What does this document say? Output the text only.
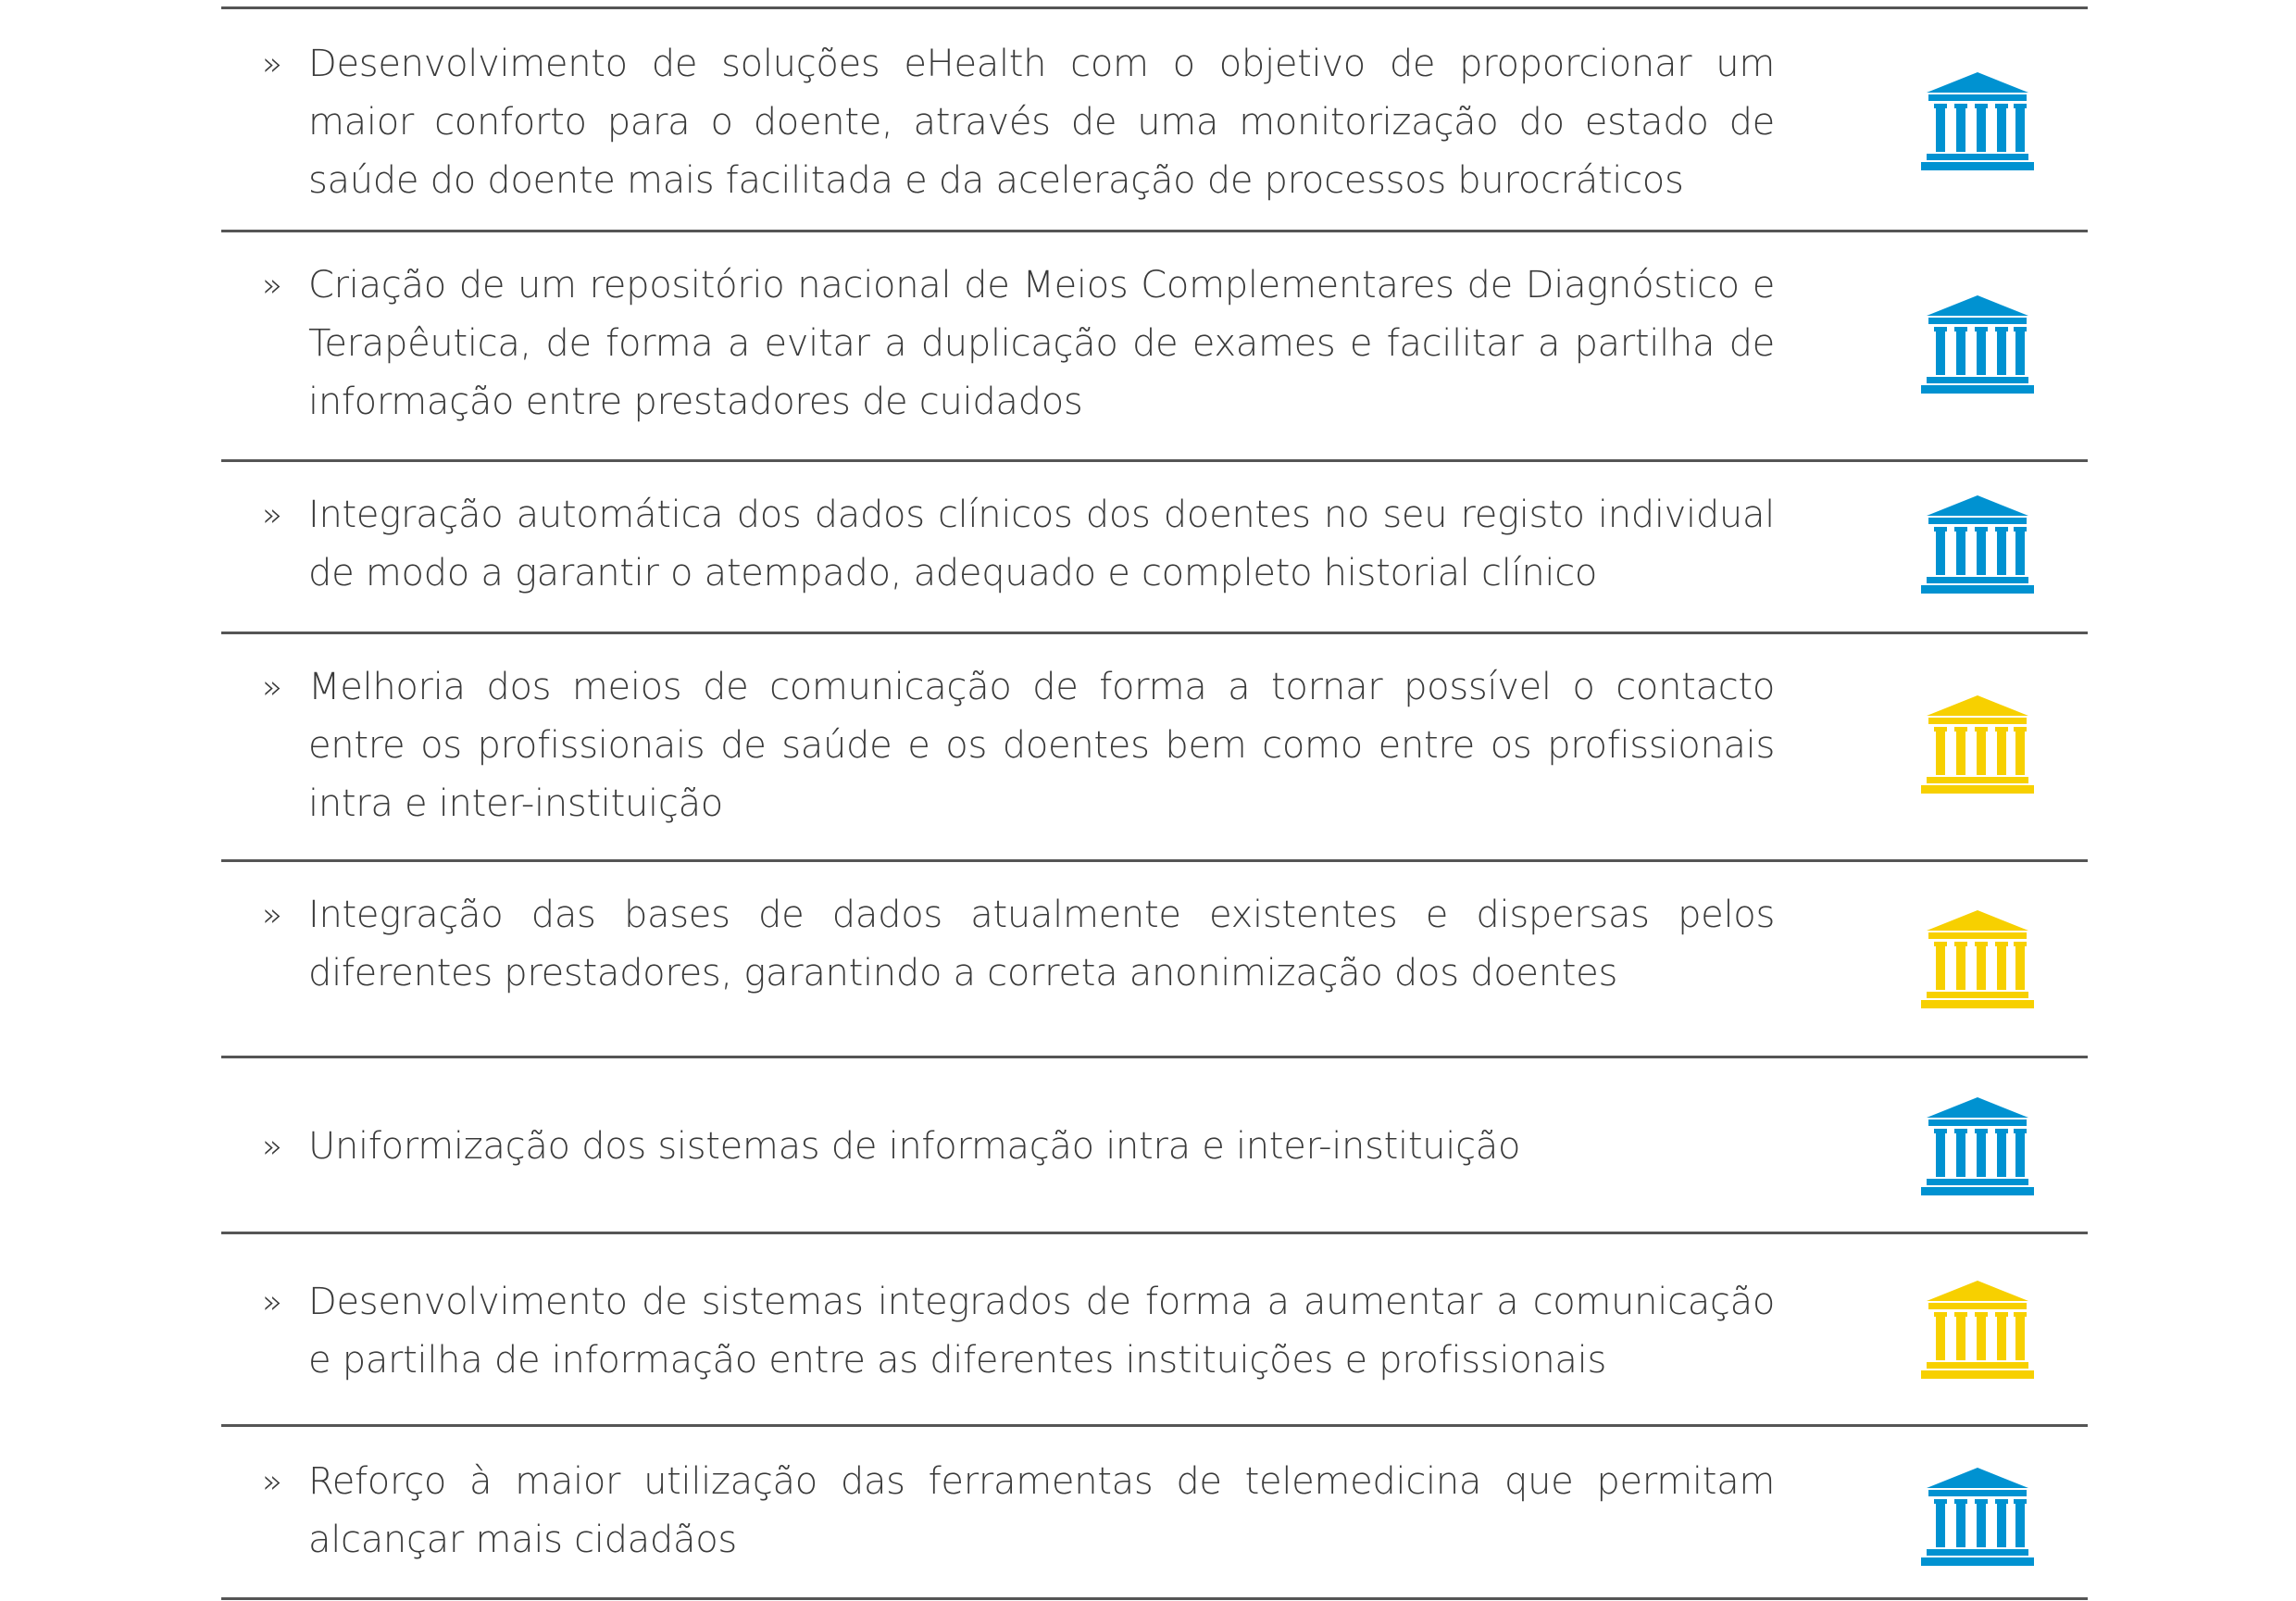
» Desenvolvimento de soluções eHealth com o objetivo de proporcionar um maior conforto para o doente, através de uma monitorização do estado de saúde do doente mais facilitada e da aceleração de processos burocráticos
» Criação de um repositório nacional de Meios Complementares de Diagnóstico e Terapêutica, de forma a evitar a duplicação de exames e facilitar a partilha de informação entre prestadores de cuidados
» Integração automática dos dados clínicos dos doentes no seu registo individual de modo a garantir o atempado, adequado e completo historial clínico
» Melhoria dos meios de comunicação de forma a tornar possível o contacto entre os profissionais de saúde e os doentes bem como entre os profissionais intra e inter-instituição
» Integração das bases de dados atualmente existentes e dispersas pelos diferentes prestadores, garantindo a correta anonimização dos doentes
» Uniformização dos sistemas de informação intra e inter-instituição
» Desenvolvimento de sistemas integrados de forma a aumentar a comunicação e partilha de informação entre as diferentes instituições e profissionais
» Reforço à maior utilização das ferramentas de telemedicina que permitam alcançar mais cidadãos
